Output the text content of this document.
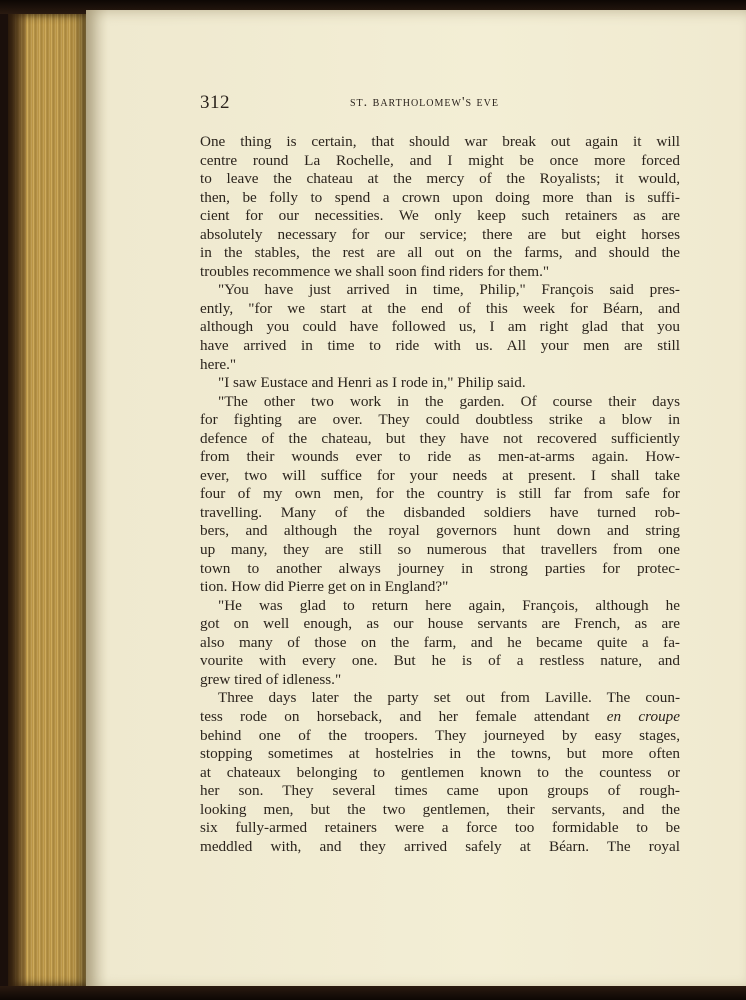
312	st. bartholomew's eve
One thing is certain, that should war break out again it will
centre round La Rochelle, and I might be once more forced
to leave the chateau at the mercy of the Royalists; it would,
then, be folly to spend a crown upon doing more than is suffi-
cient for our necessities. We only keep such retainers as are
absolutely necessary for our service; there are but eight horses
in the stables, the rest are all out on the farms, and should the
troubles recommence we shall soon find riders for them."
"You have just arrived in time, Philip," François said pres-
ently, "for we start at the end of this week for Béarn, and
although you could have followed us, I am right glad that you
have arrived in time to ride with us. All your men are still
here."
"I saw Eustace and Henri as I rode in," Philip said.
"The other two work in the garden. Of course their days
for fighting are over. They could doubtless strike a blow in
defence of the chateau, but they have not recovered sufficiently
from their wounds ever to ride as men-at-arms again. How-
ever, two will suffice for your needs at present. I shall take
four of my own men, for the country is still far from safe for
travelling. Many of the disbanded soldiers have turned rob-
bers, and although the royal governors hunt down and string
up many, they are still so numerous that travellers from one
town to another always journey in strong parties for protec-
tion. How did Pierre get on in England?"
"He was glad to return here again, François, although he
got on well enough, as our house servants are French, as are
also many of those on the farm, and he became quite a fa-
vourite with every one. But he is of a restless nature, and
grew tired of idleness."
Three days later the party set out from Laville. The coun-
tess rode on horseback, and her female attendant en croupe
behind one of the troopers. They journeyed by easy stages,
stopping sometimes at hostelries in the towns, but more often
at chateaux belonging to gentlemen known to the countess or
her son. They several times came upon groups of rough-
looking men, but the two gentlemen, their servants, and the
six fully-armed retainers were a force too formidable to be
meddled with, and they arrived safely at Béarn. The royal
